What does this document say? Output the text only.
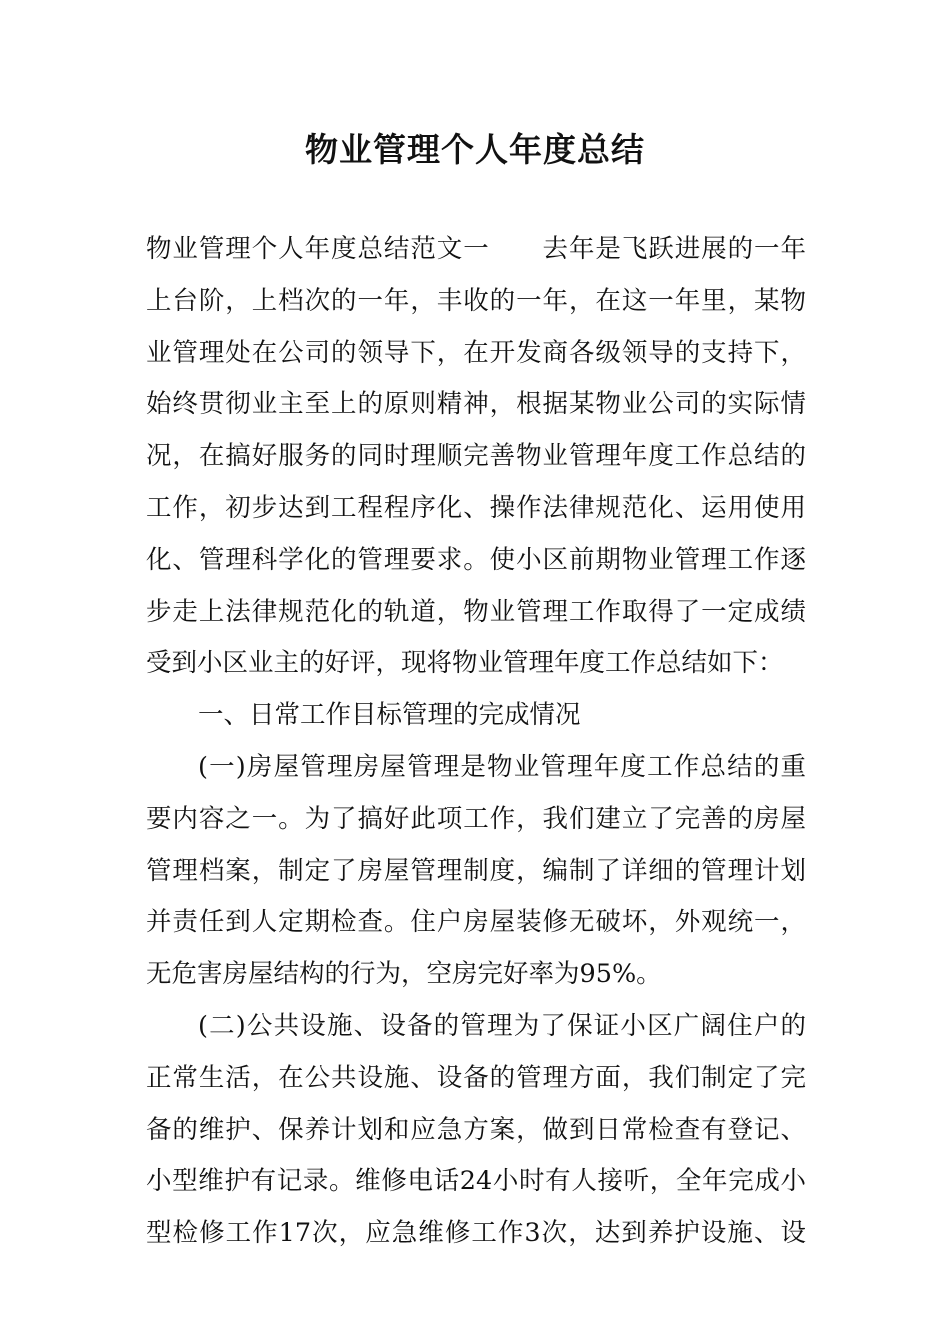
物业管理个人年度总结
物业管理个人年度总结范文一　　去年是飞跃进展的一年
上台阶，上档次的一年，丰收的一年，在这一年里，某物
业管理处在公司的领导下，在开发商各级领导的支持下，
始终贯彻业主至上的原则精神，根据某物业公司的实际情
况，在搞好服务的同时理顺完善物业管理年度工作总结的
工作，初步达到工程程序化、操作法律规范化、运用使用
化、管理科学化的管理要求。使小区前期物业管理工作逐
步走上法律规范化的轨道，物业管理工作取得了一定成绩
受到小区业主的好评，现将物业管理年度工作总结如下：
一、日常工作目标管理的完成情况
(一)房屋管理房屋管理是物业管理年度工作总结的重
要内容之一。为了搞好此项工作，我们建立了完善的房屋
管理档案，制定了房屋管理制度，编制了详细的管理计划
并责任到人定期检查。住户房屋装修无破坏，外观统一，
无危害房屋结构的行为，空房完好率为95%。
(二)公共设施、设备的管理为了保证小区广阔住户的
正常生活，在公共设施、设备的管理方面，我们制定了完
备的维护、保养计划和应急方案，做到日常检查有登记、
小型维护有记录。维修电话24小时有人接听，全年完成小
型检修工作17次，应急维修工作3次，达到养护设施、设
